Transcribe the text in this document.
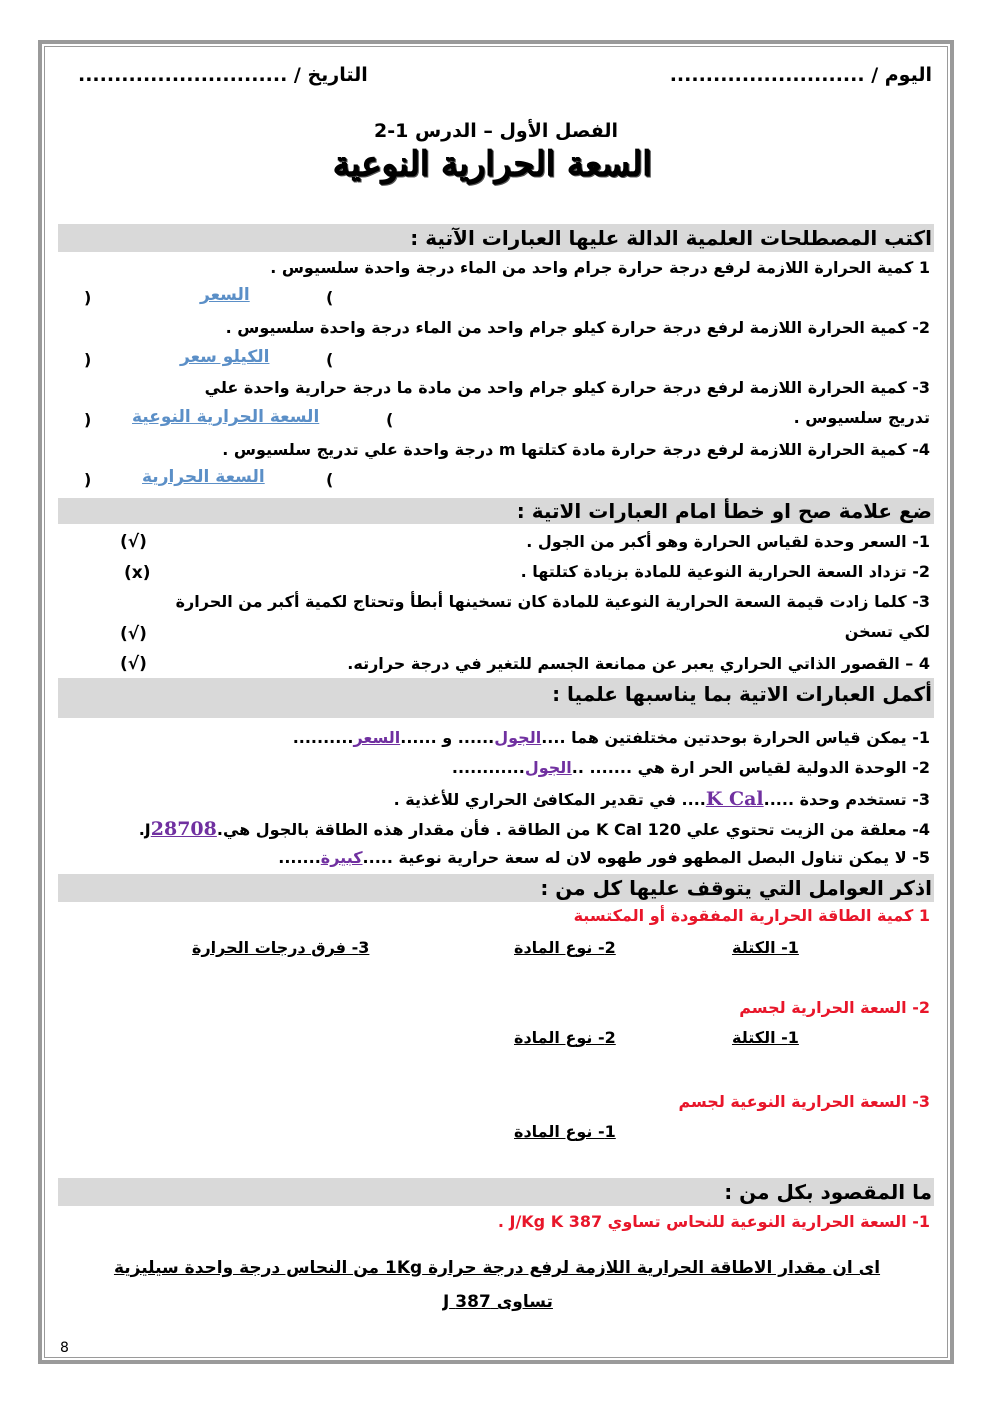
اليوم / ...........................
التاريخ / .............................
الفصل الأول – الدرس 1-2
السعة الحرارية النوعية
اكتب المصطلحات العلمية الدالة عليها العبارات الآتية :
1 كمية الحرارة اللازمة لرفع درجة حرارة جرام واحد من الماء درجة واحدة سلسيوس .
)	(
السعر
2- كمية الحرارة اللازمة لرفع درجة حرارة كيلو جرام واحد من الماء درجة واحدة سلسيوس .
)	(
الكيلو سعر
3- كمية الحرارة اللازمة لرفع درجة حرارة كيلو جرام واحد من مادة ما درجة حرارية واحدة علي
تدريج سلسيوس .
)	(
السعة الحرارية النوعية
4- كمية الحرارة اللازمة لرفع درجة حرارة مادة كتلتها m درجة واحدة علي تدريج سلسيوس .
)	(
السعة الحرارية
ضع علامة صح او خطأ امام العبارات الاتية :
1- السعر وحدة لقياس الحرارة وهو أكبر من الجول .
(√)
2- تزداد السعة الحرارية النوعية للمادة بزيادة كتلتها .
(x)
3- كلما زادت قيمة السعة الحرارية النوعية للمادة كان تسخينها أبطأ وتحتاج لكمية أكبر من الحرارة
لكي تسخن
(√)
4 – القصور الذاتي الحراري يعبر عن ممانعة الجسم للتغير في درجة حرارته.
(√)
أكمل العبارات الاتية بما يناسبها علميا :
1- يمكن قياس الحرارة بوحدتين مختلفتين هما ....الجول...... و ......السعر..........
2- الوحدة الدولية لقياس الحر ارة هي ....... ..الجول............
3- تستخدم وحدة .....K Cal.... في تقدير المكافئ الحراري للأغذية .
4- معلقة من الزيت تحتوي علي 120 K Cal من الطاقة . فأن مقدار هذه الطاقة بالجول هي.J28708.
5- لا يمكن تناول البصل المطهو فور طهوه لان له سعة حرارية نوعية .....كبيرة.......
اذكر العوامل التي يتوقف عليها كل من :
1 كمية الطاقة الحرارية المفقودة أو المكتسبة
1- الكتلة
2- نوع المادة
3- فرق درجات الحرارة
2- السعة الحرارية لجسم
1- الكتلة
2- نوع المادة
3- السعة الحرارية النوعية لجسم
1- نوع المادة
ما المقصود بكل من :
1- السعة الحرارية النوعية للنحاس تساوي 387 J/Kg K .
اى ان مقدار الاطاقة الحرارية اللازمة لرفع درجة حرارة 1Kg من النحاس درجة واحدة سيليزية
تساوى 387 J
8
